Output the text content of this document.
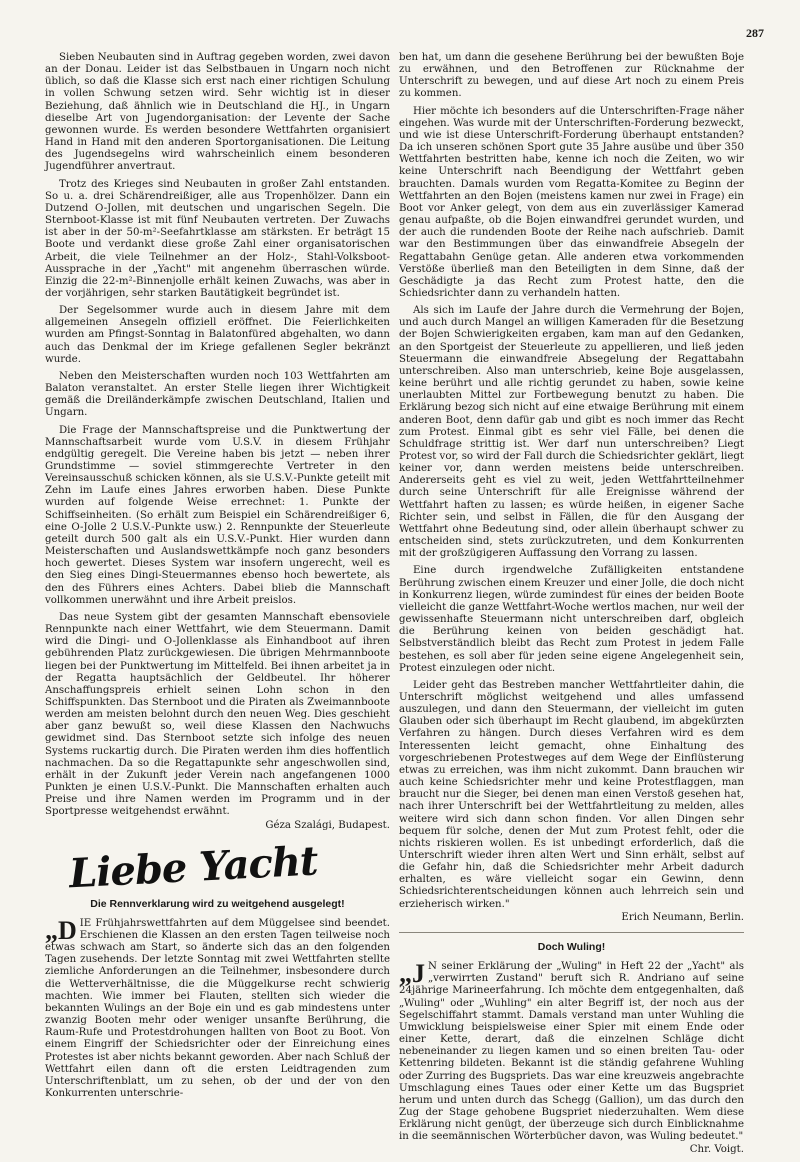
287

Sieben Neubauten sind in Auftrag gegeben worden, zwei davon an der Donau. Leider ist das Selbstbauen in Ungarn noch nicht üblich, so daß die Klasse sich erst nach einer richtigen Schulung in vollen Schwung setzen wird. Sehr wichtig ist in dieser Beziehung, daß ähnlich wie in Deutschland die HJ., in Ungarn dieselbe Art von Jugendorganisation: der Levente der Sache gewonnen wurde. Es werden besondere Wettfahrten organisiert Hand in Hand mit den anderen Sportorganisationen. Die Leitung des Jugendsegelns wird wahrscheinlich einem besonderen Jugendführer anvertraut.

Trotz des Krieges sind Neubauten in großer Zahl entstanden. So u. a. drei Schärendreißiger, alle aus Tropenhölzer. Dann ein Dutzend O-Jollen, mit deutschen und ungarischen Segeln. Die Sternboot-Klasse ist mit fünf Neubauten vertreten. Der Zuwachs ist aber in der 50-m²-Seefahrtklasse am stärksten. Er beträgt 15 Boote und verdankt diese große Zahl einer organisatorischen Arbeit, die viele Teilnehmer an der Holz-, Stahl-Volksboot-Aussprache in der „Yacht" mit angenehm überraschen würde. Einzig die 22-m²-Binnenjolle erhält keinen Zuwachs, was aber in der vorjährigen, sehr starken Bautätigkeit begründet ist.

Der Segelsommer wurde auch in diesem Jahre mit dem allgemeinen Ansegeln offiziell eröffnet. Die Feierlichkeiten wurden am Pfingst-Sonntag in Balatonfüred abgehalten, wo dann auch das Denkmal der im Kriege gefallenen Segler bekränzt wurde.

Neben den Meisterschaften wurden noch 103 Wettfahrten am Balaton veranstaltet. An erster Stelle liegen ihrer Wichtigkeit gemäß die Dreiländerkämpfe zwischen Deutschland, Italien und Ungarn.

Die Frage der Mannschaftspreise und die Punktwertung der Mannschaftsarbeit wurde vom U.S.V. in diesem Frühjahr endgültig geregelt. Die Vereine haben bis jetzt — neben ihrer Grundstimme — soviel stimmgerechte Vertreter in den Vereinsausschuß schicken können, als sie U.S.V.-Punkte geteilt mit Zehn im Laufe eines Jahres erworben haben. Diese Punkte wurden auf folgende Weise errechnet: 1. Punkte der Schiffseinheiten. (So erhält zum Beispiel ein Schärendreißiger 6, eine O-Jolle 2 U.S.V.-Punkte usw.) 2. Rennpunkte der Steuerleute geteilt durch 500 galt als ein U.S.V.-Punkt. Hier wurden dann Meisterschaften und Auslandswettkämpfe noch ganz besonders hoch gewertet. Dieses System war insofern ungerecht, weil es den Sieg eines Dingi-Steuermannes ebenso hoch bewertete, als den des Führers eines Achters. Dabei blieb die Mannschaft vollkommen unerwähnt und ihre Arbeit preislos.

Das neue System gibt der gesamten Mannschaft ebensoviele Rennpunkte nach einer Wettfahrt, wie dem Steuermann. Damit wird die Dingi- und O-Jollenklasse als Einhandboot auf ihren gebührenden Platz zurückgewiesen. Die übrigen Mehrmannboote liegen bei der Punktwertung im Mittelfeld. Bei ihnen arbeitet ja in der Regatta hauptsächlich der Geldbeutel. Ihr höherer Anschaffungspreis erhielt seinen Lohn schon in den Schiffspunkten. Das Sternboot und die Piraten als Zweimannboote werden am meisten belohnt durch den neuen Weg. Dies geschieht aber ganz bewußt so, weil diese Klassen den Nachwuchs gewidmet sind. Das Sternboot setzte sich infolge des neuen Systems ruckartig durch. Die Piraten werden ihm dies hoffentlich nachmachen. Da so die Regattapunkte sehr angeschwollen sind, erhält in der Zukunft jeder Verein nach angefangenen 1000 Punkten je einen U.S.V.-Punkt. Die Mannschaften erhalten auch Preise und ihre Namen werden im Programm und in der Sportpresse weitgehendst erwähnt.

Géza Szalági, Budapest.

Liebe Yacht
Die Rennverklarung wird zu weitgehend ausgelegt!

„DIE Frühjahrswettfahrten auf dem Müggelsee sind beendet. Erschienen die Klassen an den ersten Tagen teilweise noch etwas schwach am Start, so änderte sich das an den folgenden Tagen zusehends. Der letzte Sonntag mit zwei Wettfahrten stellte ziemliche Anforderungen an die Teilnehmer, insbesondere durch die Wetterverhältnisse, die die Müggelkurse recht schwierig machten. Wie immer bei Flauten, stellten sich wieder die bekannten Wulings an der Boje ein und es gab mindestens unter zwanzig Booten mehr oder weniger unsanfte Berührung, die Raum-Rufe und Protestdrohungen hallten von Boot zu Boot. Von einem Eingriff der Schiedsrichter oder der Einreichung eines Protestes ist aber nichts bekannt geworden. Aber nach Schluß der Wettfahrt eilen dann oft die ersten Leidtragenden zum Unterschriftenblatt, um zu sehen, ob der und der von den Konkurrenten unterschrie-

ben hat, um dann die gesehene Berührung bei der bewußten Boje zu erwähnen, und den Betroffenen zur Rücknahme der Unterschrift zu bewegen, und auf diese Art noch zu einem Preis zu kommen.

Hier möchte ich besonders auf die Unterschriften-Frage näher eingehen. Was wurde mit der Unterschriften-Forderung bezweckt, und wie ist diese Unterschrift-Forderung überhaupt entstanden? Da ich unseren schönen Sport gute 35 Jahre ausübe und über 350 Wettfahrten bestritten habe, kenne ich noch die Zeiten, wo wir keine Unterschrift nach Beendigung der Wettfahrt geben brauchten. Damals wurden vom Regatta-Komitee zu Beginn der Wettfahrten an den Bojen (meistens kamen nur zwei in Frage) ein Boot vor Anker gelegt, von dem aus ein zuverlässiger Kamerad genau aufpaßte, ob die Bojen einwandfrei gerundet wurden, und der auch die rundenden Boote der Reihe nach aufschrieb. Damit war den Bestimmungen über das einwandfreie Absegeln der Regattabahn Genüge getan. Alle anderen etwa vorkommenden Verstöße überließ man den Beteiligten in dem Sinne, daß der Geschädigte ja das Recht zum Protest hatte, den die Schiedsrichter dann zu verhandeln hatten.

Als sich im Laufe der Jahre durch die Vermehrung der Bojen, und auch durch Mangel an willigen Kameraden für die Besetzung der Bojen Schwierigkeiten ergaben, kam man auf den Gedanken, an den Sportgeist der Steuerleute zu appellieren, und ließ jeden Steuermann die einwandfreie Absegelung der Regattabahn unterschreiben. Also man unterschrieb, keine Boje ausgelassen, keine berührt und alle richtig gerundet zu haben, sowie keine unerlaubten Mittel zur Fortbewegung benutzt zu haben. Die Erklärung bezog sich nicht auf eine etwaige Berührung mit einem anderen Boot, denn dafür gab und gibt es noch immer das Recht zum Protest. Einmal gibt es sehr viel Fälle, bei denen die Schuldfrage strittig ist. Wer darf nun unterschreiben? Liegt Protest vor, so wird der Fall durch die Schiedsrichter geklärt, liegt keiner vor, dann werden meistens beide unterschreiben. Andererseits geht es viel zu weit, jeden Wettfahrtteilnehmer durch seine Unterschrift für alle Ereignisse während der Wettfahrt haften zu lassen; es würde heißen, in eigener Sache Richter sein, und selbst in Fällen, die für den Ausgang der Wettfahrt ohne Bedeutung sind, oder allein überhaupt schwer zu entscheiden sind, stets zurückzutreten, und dem Konkurrenten mit der großzügigeren Auffassung den Vorrang zu lassen.

Eine durch irgendwelche Zufälligkeiten entstandene Berührung zwischen einem Kreuzer und einer Jolle, die doch nicht in Konkurrenz liegen, würde zumindest für eines der beiden Boote vielleicht die ganze Wettfahrt-Woche wertlos machen, nur weil der gewissenhafte Steuermann nicht unterschreiben darf, obgleich die Berührung keinen von beiden geschädigt hat. Selbstverständlich bleibt das Recht zum Protest in jedem Falle bestehen, es soll aber für jeden seine eigene Angelegenheit sein, Protest einzulegen oder nicht.

Leider geht das Bestreben mancher Wettfahrtleiter dahin, die Unterschrift möglichst weitgehend und alles umfassend auszulegen, und dann den Steuermann, der vielleicht im guten Glauben oder sich überhaupt im Recht glaubend, im abgekürzten Verfahren zu hängen. Durch dieses Verfahren wird es dem Interessenten leicht gemacht, ohne Einhaltung des vorgeschriebenen Protestweges auf dem Wege der Einflüsterung etwas zu erreichen, was ihm nicht zukommt. Dann brauchen wir auch keine Schiedsrichter mehr und keine Protestflaggen, man braucht nur die Sieger, bei denen man einen Verstoß gesehen hat, nach ihrer Unterschrift bei der Wettfahrtleitung zu melden, alles weitere wird sich dann schon finden. Vor allen Dingen sehr bequem für solche, denen der Mut zum Protest fehlt, oder die nichts riskieren wollen. Es ist unbedingt erforderlich, daß die Unterschrift wieder ihren alten Wert und Sinn erhält, selbst auf die Gefahr hin, daß die Schiedsrichter mehr Arbeit dadurch erhalten, es wäre vielleicht sogar ein Gewinn, denn Schiedsrichterentscheidungen können auch lehrreich sein und erzieherisch wirken."

Erich Neumann, Berlin.

Doch Wuling!

„J N seiner Erklärung der „Wuling" in Heft 22 der „Yacht" als „verwirrten Zustand" beruft sich R. Andriano auf seine 24jährige Marineerfahrung. Ich möchte dem entgegenhalten, daß „Wuling" oder „Wuhling" ein alter Begriff ist, der noch aus der Segelschiffahrt stammt. Damals verstand man unter Wuhling die Umwicklung beispielsweise einer Spier mit einem Ende oder einer Kette, derart, daß die einzelnen Schläge dicht nebeneinander zu liegen kamen und so einen breiten Tau- oder Kettenring bildeten. Bekannt ist die ständig gefahrene Wuhling oder Zurring des Bugspriets. Das war eine kreuzweis angebrachte Umschlagung eines Taues oder einer Kette um das Bugspriet herum und unten durch das Schegg (Gallion), um das durch den Zug der Stage gehobene Bugspriet niederzuhalten. Wem diese Erklärung nicht genügt, der überzeuge sich durch Einblicknahme in die seemännischen Wörterbücher davon, was Wuling bedeutet."

Chr. Voigt.
